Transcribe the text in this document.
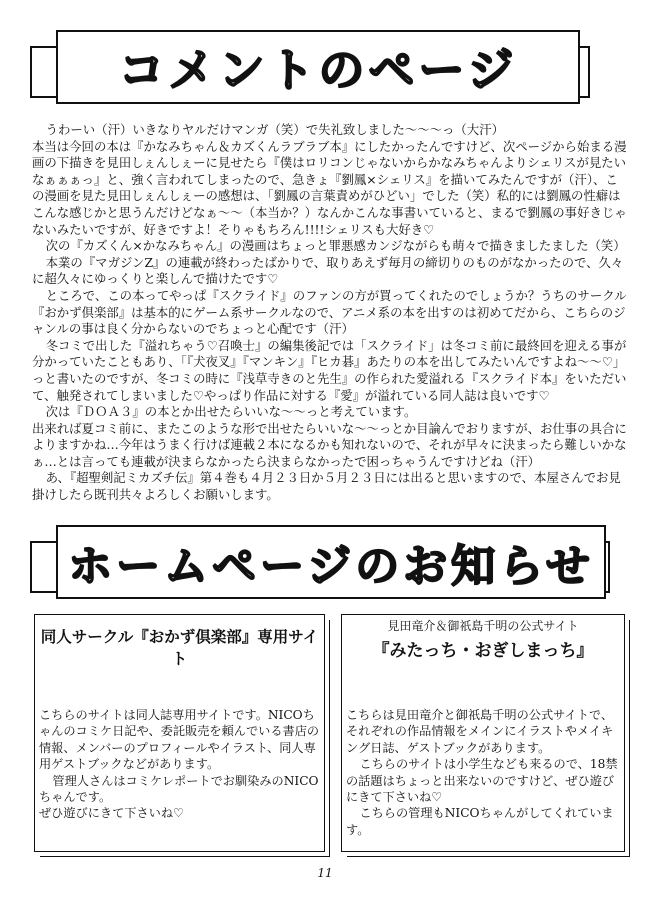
コメントのページ

うわーい（汗）いきなりヤルだけマンガ（笑）で失礼致しました〜〜〜っ（大汗）

本当は今回の本は『かなみちゃん＆カズくんラブラブ本』にしたかったんですけど、次ページから始まる漫画の下描きを見田しぇんしぇーに見せたら『僕はロリコンじゃないからかなみちゃんよりシェリスが見たいなぁぁぁっ』と、強く言われてしまったので、急きょ『劉鳳×シェリス』を描いてみたんですが（汗）、この漫画を見た見田しぇんしぇーの感想は、「劉鳳の言葉責めがひどい」でした（笑）私的には劉鳳の性癖はこんな感じかと思うんだけどなぁ〜〜（本当か？）なんかこんな事書いていると、まるで劉鳳の事好きじゃないみたいですが、好きですよ！そりゃもちろん!!!!シェリスも大好き♡

次の『カズくん×かなみちゃん』の漫画はちょっと罪悪感カンジながらも萌々で描きましたました（笑）

本業の『マガジンZ』の連載が終わったばかりで、取りあえず毎月の締切りのものがなかったので、久々に超久々にゆっくりと楽しんで描けたです♡

ところで、この本ってやっぱ『スクライド』のファンの方が買ってくれたのでしょうか？うちのサークル『おかず倶楽部』は基本的にゲーム系サークルなので、アニメ系の本を出すのは初めてだから、こちらのジャンルの事は良く分からないのでちょっと心配です（汗）

冬コミで出した『溢れちゃう♡召喚士』の編集後記では「スクライド」は冬コミ前に最終回を迎える事が分かっていたこともあり、「『犬夜叉』『マンキン』『ヒカ碁』あたりの本を出してみたいんですよね〜〜♡」っと書いたのですが、冬コミの時に『浅草寺きのと先生』の作られた愛溢れる『スクライド本』をいただいて、触発されてしまいました♡やっぱり作品に対する『愛』が溢れている同人誌は良いです♡

次は『ＤＯＡ３』の本とか出せたらいいな〜〜っと考えています。

出来れば夏コミ前に、またこのような形で出せたらいいな〜〜っとか目論んでおりますが、お仕事の具合によりますかね…今年はうまく行けば連載２本になるかも知れないので、それが早々に決まったら難しいかなぁ…とは言っても連載が決まらなかったら決まらなかったで困っちゃうんですけどね（汗）

あ、『超聖剣記ミカズチ伝』第４巻も４月２３日か５月２３日には出ると思いますので、本屋さんでお見掛けしたら既刊共々よろしくお願いします。

ホームページのお知らせ
同人サークル『おかず倶楽部』専用サイト

こちらのサイトは同人誌専用サイトです。NICOちゃんのコミケ日記や、委託販売を頼んでいる書店の情報、メンバーのプロフィールやイラスト、同人専用ゲストブックなどがあります。

管理人さんはコミケレポートでお馴染みのNICOちゃんです。

ぜひ遊びにきて下さいね♡

見田竜介＆御祇島千明の公式サイト
『みたっち・おぎしまっち』

こちらは見田竜介と御祇島千明の公式サイトで、それぞれの作品情報をメインにイラストやメイキング日誌、ゲストブックがあります。

こちらのサイトは小学生なども来るので、18禁の話題はちょっと出来ないのですけど、ぜひ遊びにきて下さいね♡

こちらの管理もNICOちゃんがしてくれています。

11
